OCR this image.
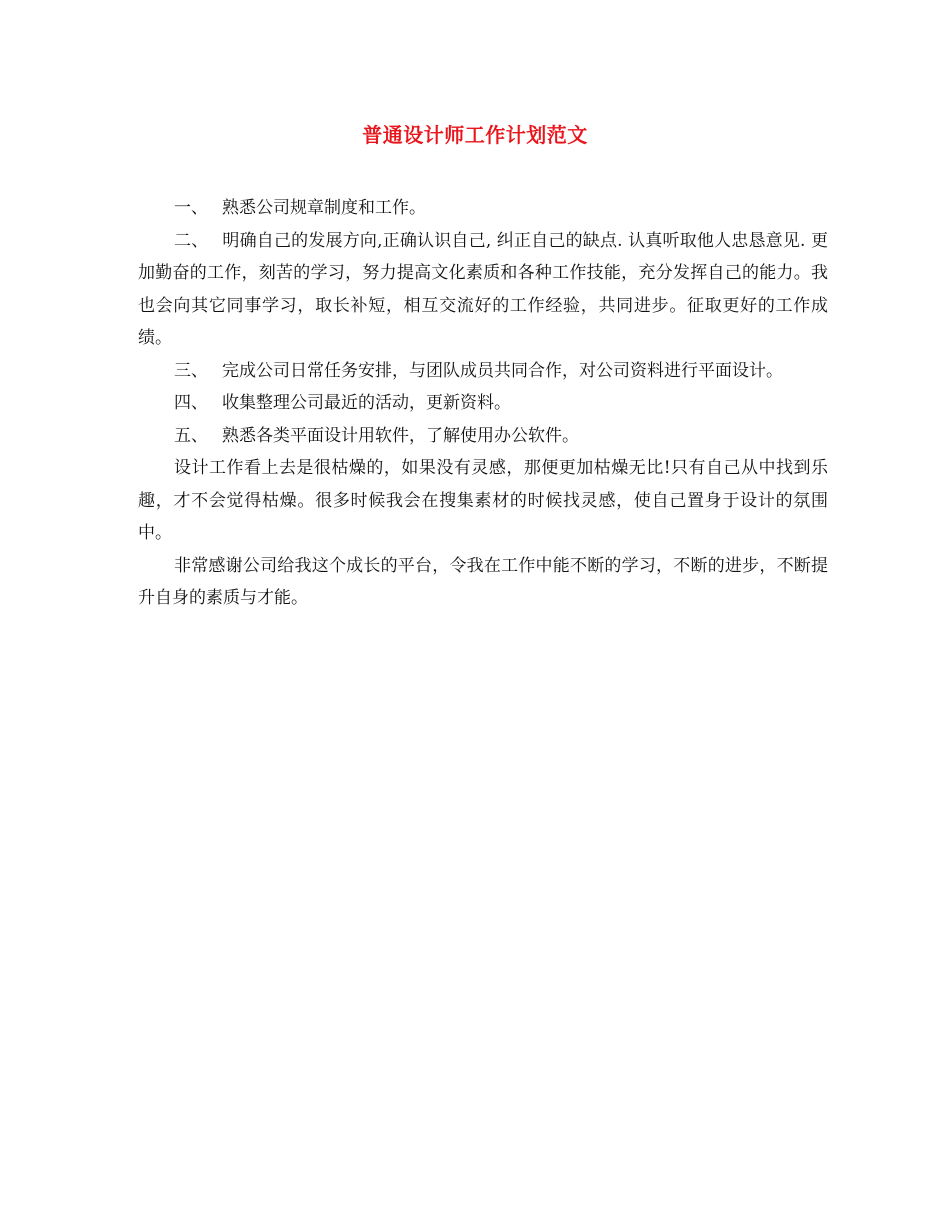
普通设计师工作计划范文

一、 熟悉公司规章制度和工作。

二、 明确自己的发展方向,正确认识自己, 纠正自己的缺点. 认真听取他人忠恳意见. 更加勤奋的工作，刻苦的学习，努力提高文化素质和各种工作技能，充分发挥自己的能力。我也会向其它同事学习，取长补短，相互交流好的工作经验，共同进步。征取更好的工作成绩。

三、 完成公司日常任务安排，与团队成员共同合作，对公司资料进行平面设计。

四、 收集整理公司最近的活动，更新资料。

五、 熟悉各类平面设计用软件，了解使用办公软件。

设计工作看上去是很枯燥的，如果没有灵感，那便更加枯燥无比!只有自己从中找到乐趣，才不会觉得枯燥。很多时候我会在搜集素材的时候找灵感，使自己置身于设计的氛围中。

非常感谢公司给我这个成长的平台，令我在工作中能不断的学习，不断的进步，不断提升自身的素质与才能。
